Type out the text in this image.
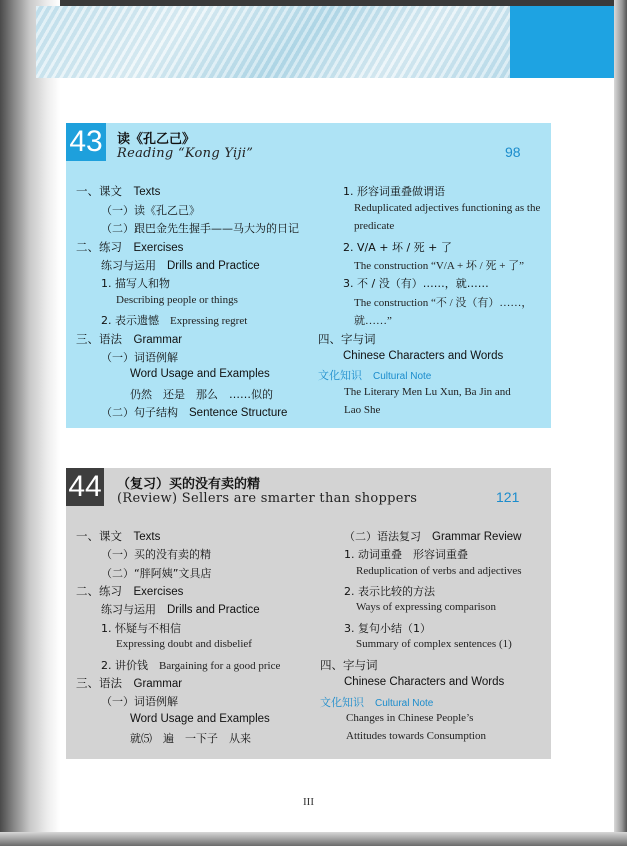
43 读《孔乙己》
Reading “Kong Yiji”	98
一、课文　 Texts
（一）读《孔乙己》
（二）跟巴金先生握手——马大为的日记
二、练习　 Exercises
练习与运用　 Drills and Practice
1. 描写人和物
Describing people or things
2. 表示遗憾　 Expressing regret
三、语法　 Grammar
（一）词语例解
Word Usage and Examples
仍然　还是　那么　……似的
（二）句子结构　 Sentence Structure
1. 形容词重叠做谓语
Reduplicated adjectives functioning as the
predicate
2. V/A + 坏 / 死 + 了
The construction “V/A + 坏 / 死 + 了”
3. 不 / 没（有）……，就……
The construction “不 / 没（有）……，
就……”
四、字与词
Chinese Characters and Words
文化知识　 Cultural Note
The Literary Men Lu Xun, Ba Jin and
Lao She
44 （复习）买的没有卖的精
(Review) Sellers are smarter than shoppers	121
一、课文　 Texts
（一）买的没有卖的精
（二）“胖阿姨”文具店
二、练习　 Exercises
练习与运用　 Drills and Practice
1. 怀疑与不相信
Expressing doubt and disbelief
2. 讲价钱　 Bargaining for a good price
三、语法　 Grammar
（一）词语例解
Word Usage and Examples
就⑸　遍　一下子　从来
（二）语法复习　 Grammar Review
1. 动词重叠　形容词重叠
Reduplication of verbs and adjectives
2. 表示比较的方法
Ways of expressing comparison
3. 复句小结（1）
Summary of complex sentences (1)
四、字与词
Chinese Characters and Words
文化知识　 Cultural Note
Changes in Chinese People’s
Attitudes towards Consumption
III
